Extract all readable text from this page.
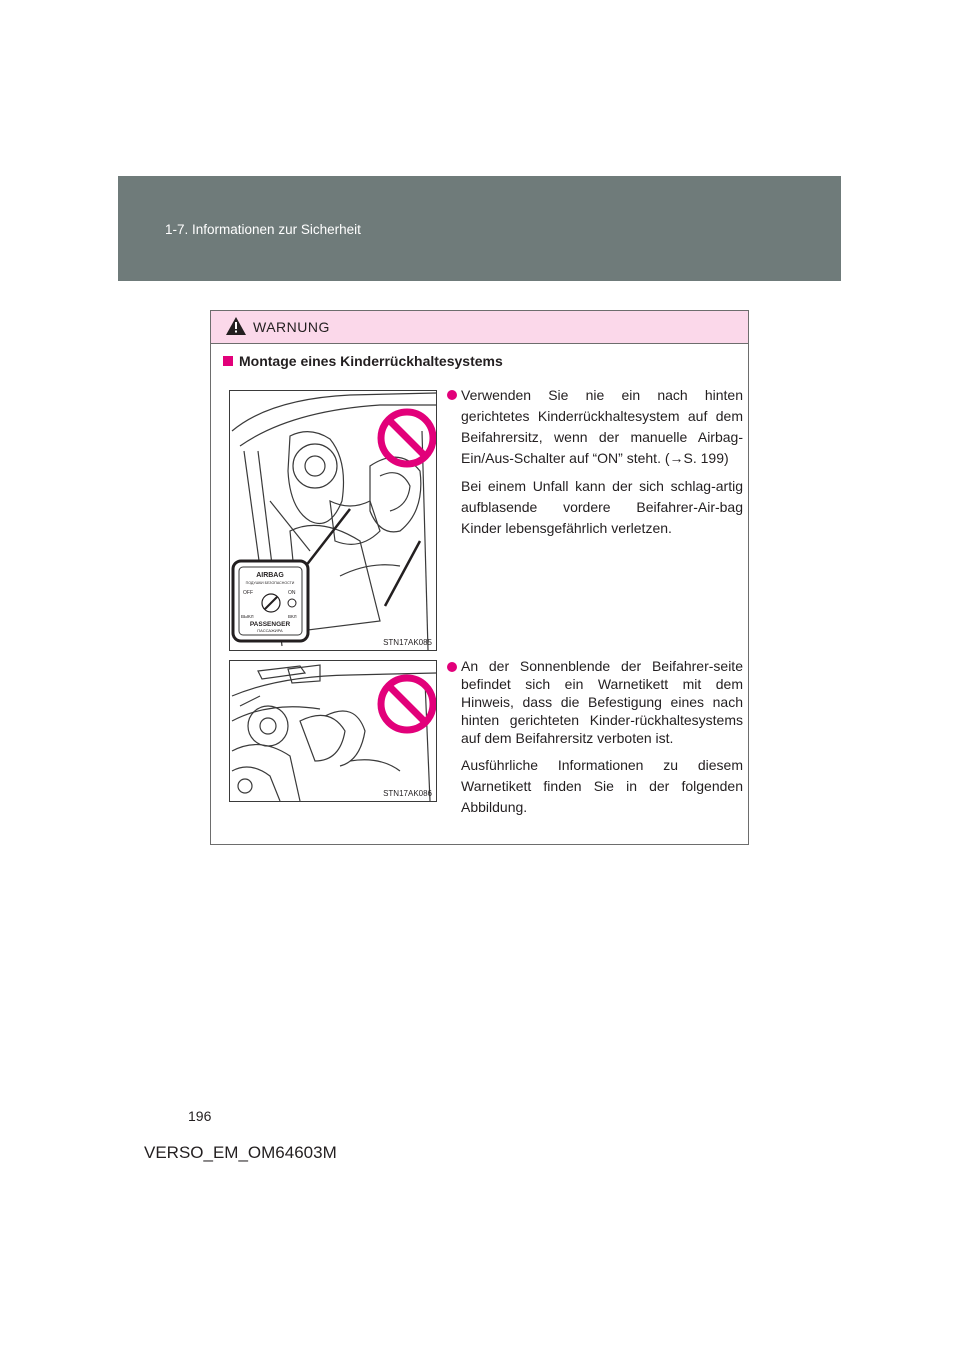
1-7. Informationen zur Sicherheit
WARNUNG
Montage eines Kinderrückhaltesystems
AIRBAG
ПОДУШКИ БЕЗОПАСНОСТИ
OFF	ON
ВЫКЛ	ВКЛ
PASSENGER
ПАССАЖИРА
STN17AK085

Verwenden Sie nie ein nach hinten gerichtetes Kinderrückhaltesystem auf dem Beifahrersitz, wenn der manuelle Airbag-Ein/Aus-Schalter auf “ON” steht. (→S. 199)

Bei einem Unfall kann der sich schlag-artig aufblasende vordere Beifahrer-Air-bag Kinder lebensgefährlich verletzen.

STN17AK086

An der Sonnenblende der Beifahrer-seite befindet sich ein Warnetikett mit dem Hinweis, dass die Befestigung eines nach hinten gerichteten Kinder-rückhaltesystems auf dem Beifahrersitz verboten ist.

Ausführliche Informationen zu diesem Warnetikett finden Sie in der folgenden Abbildung.

196
VERSO_EM_OM64603M
